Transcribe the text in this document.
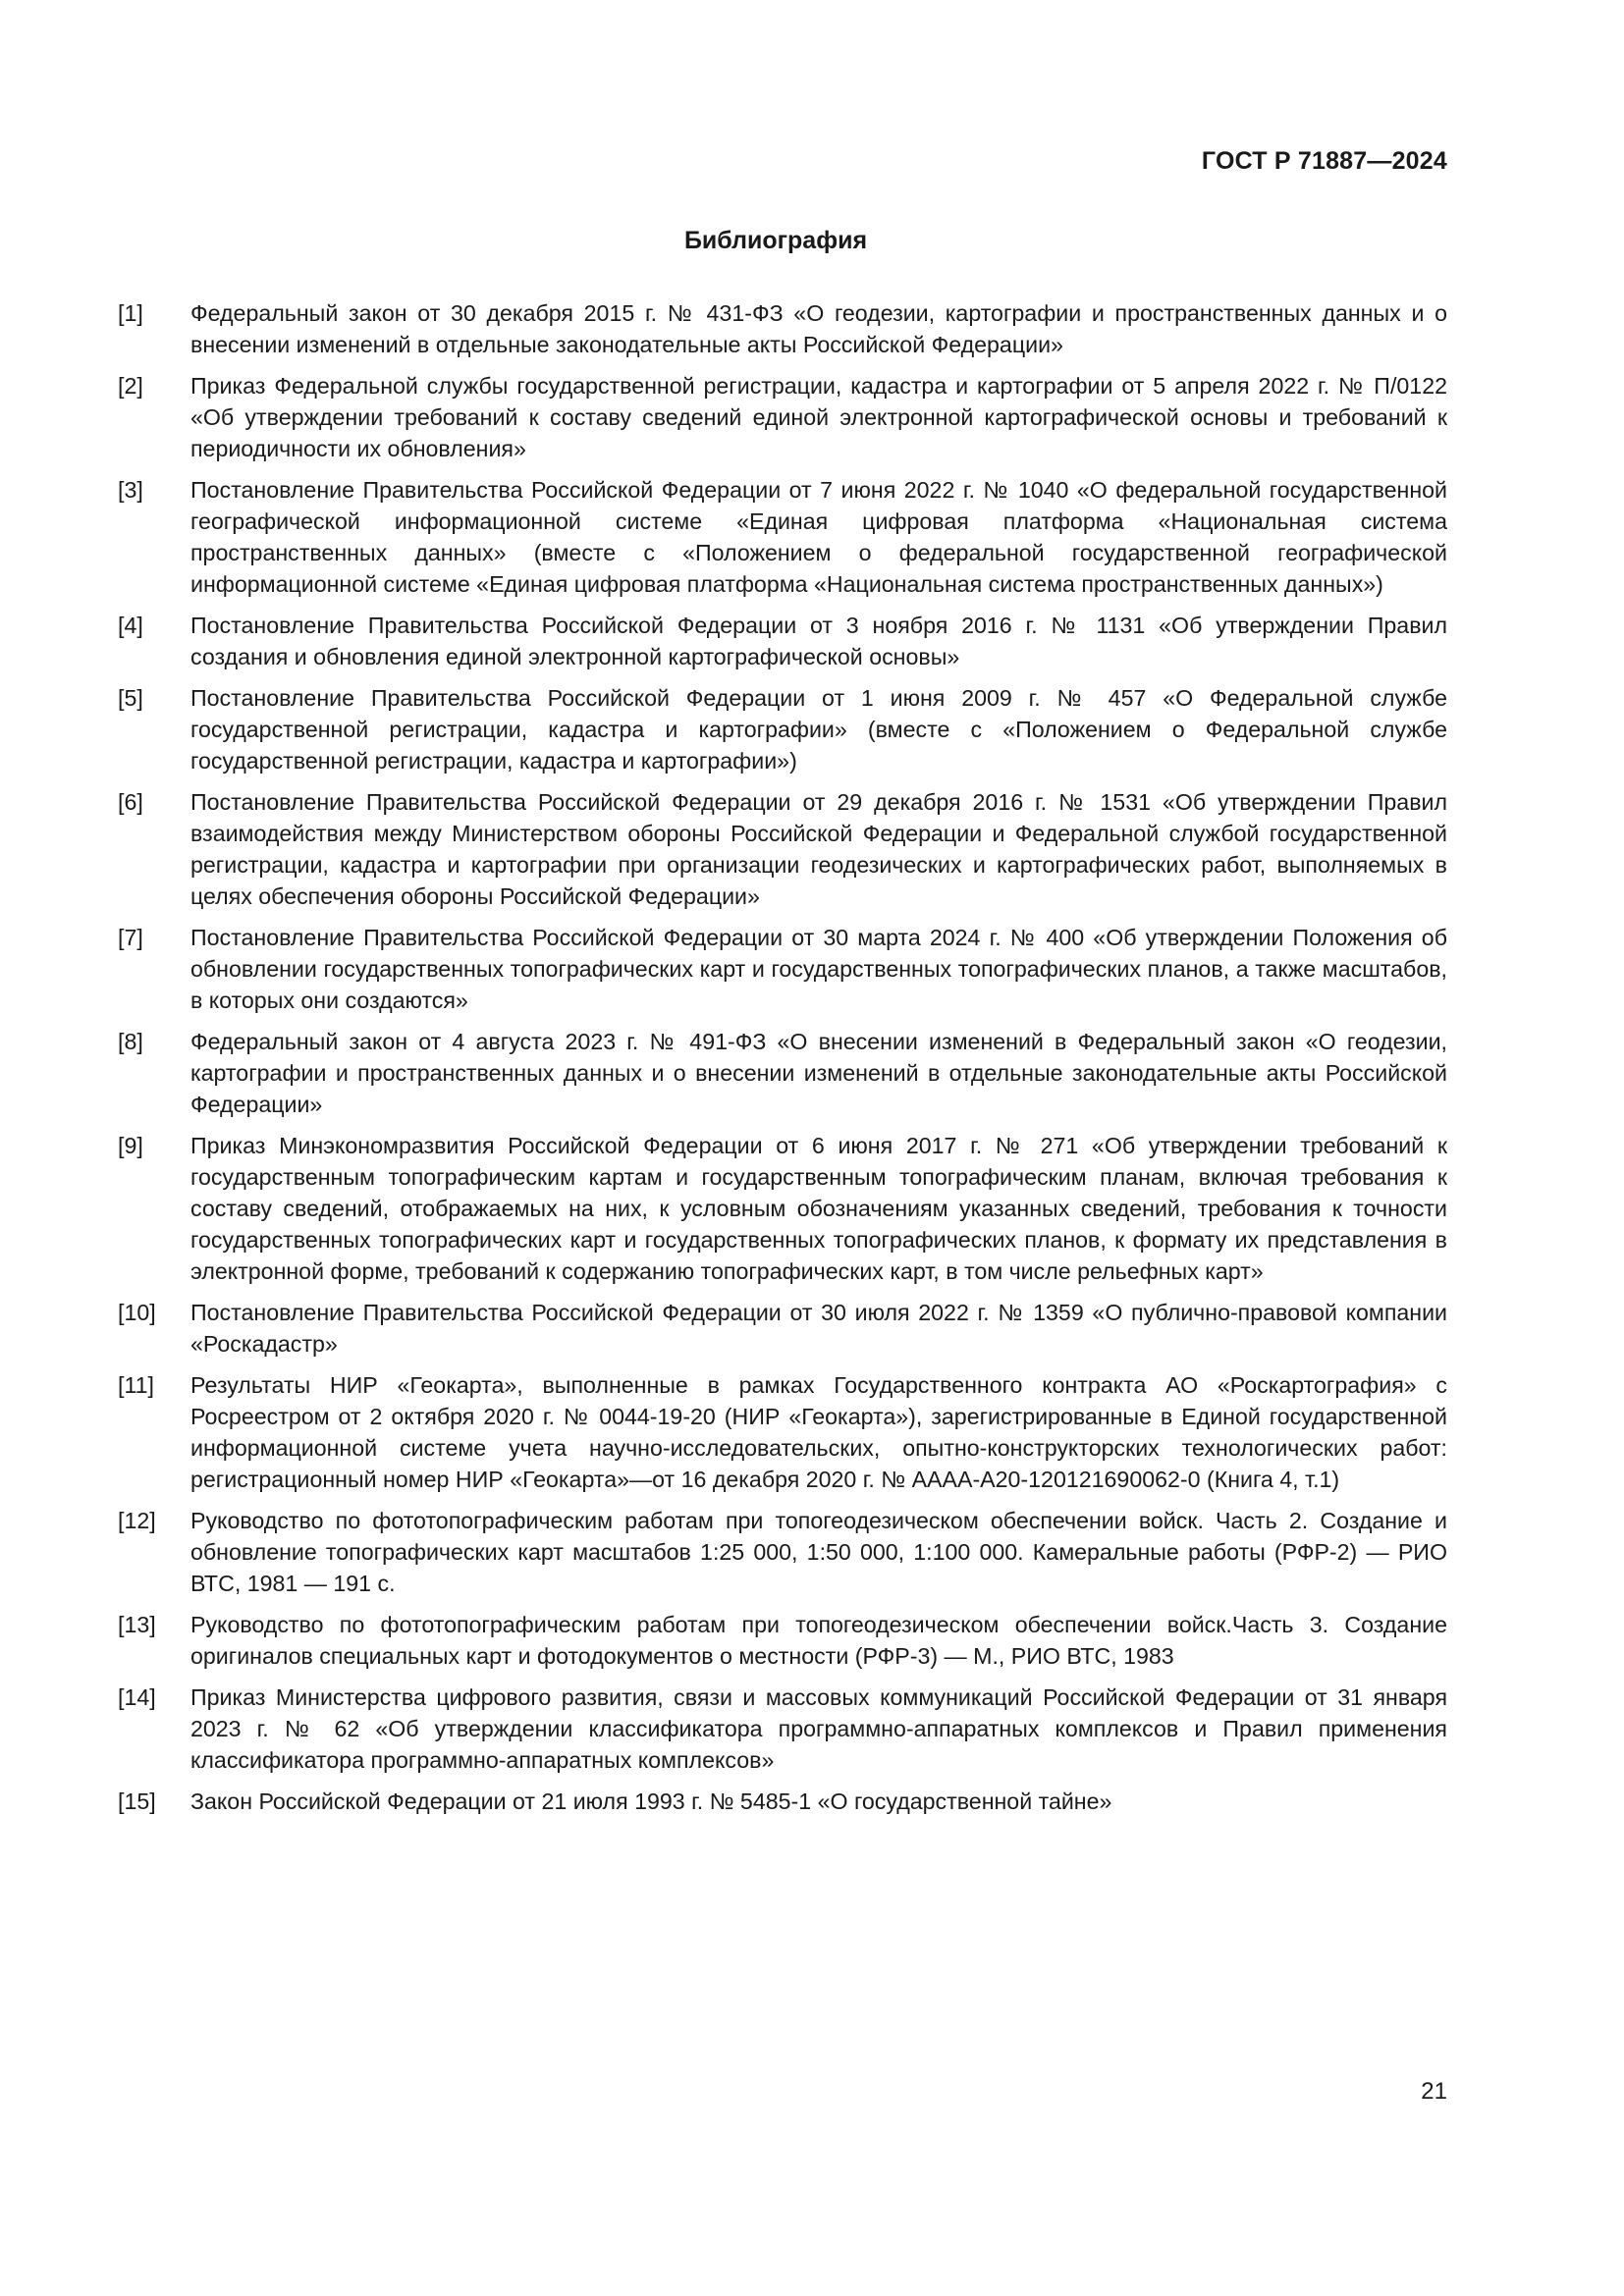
ГОСТ Р 71887—2024
Библиография
[1]	Федеральный закон от 30 декабря 2015 г. № 431-ФЗ «О геодезии, картографии и пространственных данных и о внесении изменений в отдельные законодательные акты Российской Федерации»
[2]	Приказ Федеральной службы государственной регистрации, кадастра и картографии от 5 апреля 2022 г. № П/0122 «Об утверждении требований к составу сведений единой электронной картографической основы и требований к периодичности их обновления»
[3]	Постановление Правительства Российской Федерации от 7 июня 2022 г. № 1040 «О федеральной государственной географической информационной системе «Единая цифровая платформа «Национальная система пространственных данных» (вместе с «Положением о федеральной государственной географической информационной системе «Единая цифровая платформа «Национальная система пространственных данных»)
[4]	Постановление Правительства Российской Федерации от 3 ноября 2016 г. № 1131 «Об утверждении Правил создания и обновления единой электронной картографической основы»
[5]	Постановление Правительства Российской Федерации от 1 июня 2009 г. № 457 «О Федеральной службе государственной регистрации, кадастра и картографии» (вместе с «Положением о Федеральной службе государственной регистрации, кадастра и картографии»)
[6]	Постановление Правительства Российской Федерации от 29 декабря 2016 г. № 1531 «Об утверждении Правил взаимодействия между Министерством обороны Российской Федерации и Федеральной службой государственной регистрации, кадастра и картографии при организации геодезических и картографических работ, выполняемых в целях обеспечения обороны Российской Федерации»
[7]	Постановление Правительства Российской Федерации от 30 марта 2024 г. № 400 «Об утверждении Положения об обновлении государственных топографических карт и государственных топографических планов, а также масштабов, в которых они создаются»
[8]	Федеральный закон от 4 августа 2023 г. № 491-ФЗ «О внесении изменений в Федеральный закон «О геодезии, картографии и пространственных данных и о внесении изменений в отдельные законодательные акты Российской Федерации»
[9]	Приказ Минэкономразвития Российской Федерации от 6 июня 2017 г. № 271 «Об утверждении требований к государственным топографическим картам и государственным топографическим планам, включая требования к составу сведений, отображаемых на них, к условным обозначениям указанных сведений, требования к точности государственных топографических карт и государственных топографических планов, к формату их представления в электронной форме, требований к содержанию топографических карт, в том числе рельефных карт»
[10]	Постановление Правительства Российской Федерации от 30 июля 2022 г. № 1359 «О публично-правовой компании «Роскадастр»
[11]	Результаты НИР «Геокарта», выполненные в рамках Государственного контракта АО «Роскартография» с Росреестром от 2 октября 2020 г. № 0044-19-20 (НИР «Геокарта»), зарегистрированные в Единой государственной информационной системе учета научно-исследовательских, опытно-конструкторских технологических работ: регистрационный номер НИР «Геокарта»—от 16 декабря 2020 г. № АААА-А20-120121690062-0 (Книга 4, т.1)
[12]	Руководство по фототопографическим работам при топогеодезическом обеспечении войск. Часть 2. Создание и обновление топографических карт масштабов 1:25 000, 1:50 000, 1:100 000. Камеральные работы (РФР-2) — РИО ВТС, 1981 — 191 с.
[13]	Руководство по фототопографическим работам при топогеодезическом обеспечении войск.Часть 3. Создание оригиналов специальных карт и фотодокументов о местности (РФР-3) — М., РИО ВТС, 1983
[14]	Приказ Министерства цифрового развития, связи и массовых коммуникаций Российской Федерации от 31 января 2023 г. № 62 «Об утверждении классификатора программно-аппаратных комплексов и Правил применения классификатора программно-аппаратных комплексов»
[15]	Закон Российской Федерации от 21 июля 1993 г. № 5485-1 «О государственной тайне»
21
